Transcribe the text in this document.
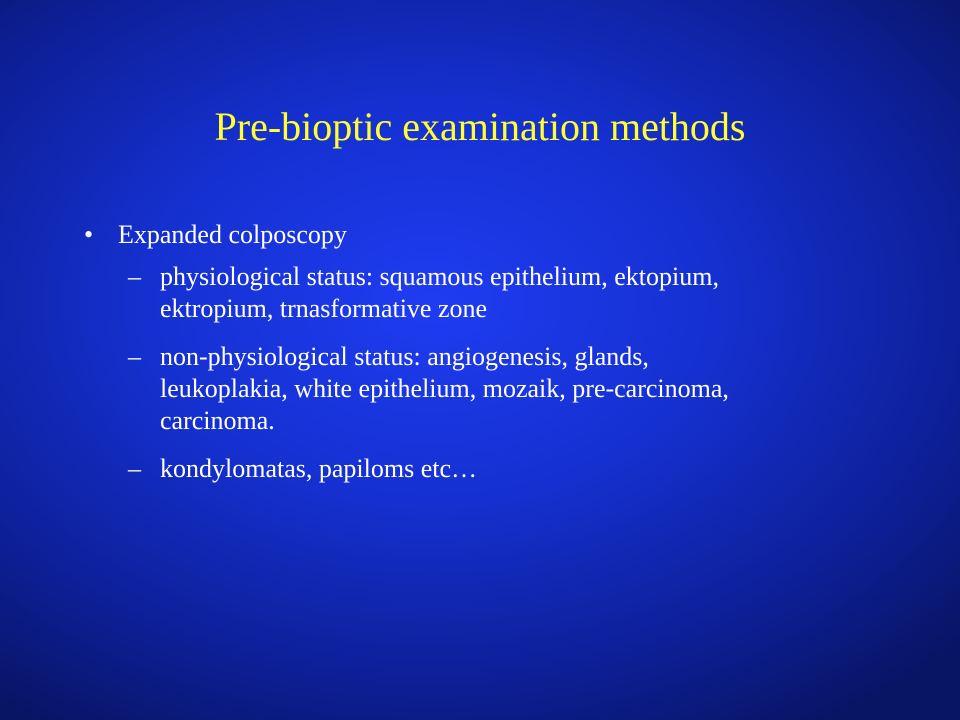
Pre-bioptic examination methods
• Expanded colposcopy
– physiological status: squamous epithelium, ektopium,
ektropium, trnasformative zone
– non-physiological status: angiogenesis, glands,
leukoplakia, white epithelium, mozaik, pre-carcinoma,
carcinoma.
– kondylomatas, papiloms etc…
